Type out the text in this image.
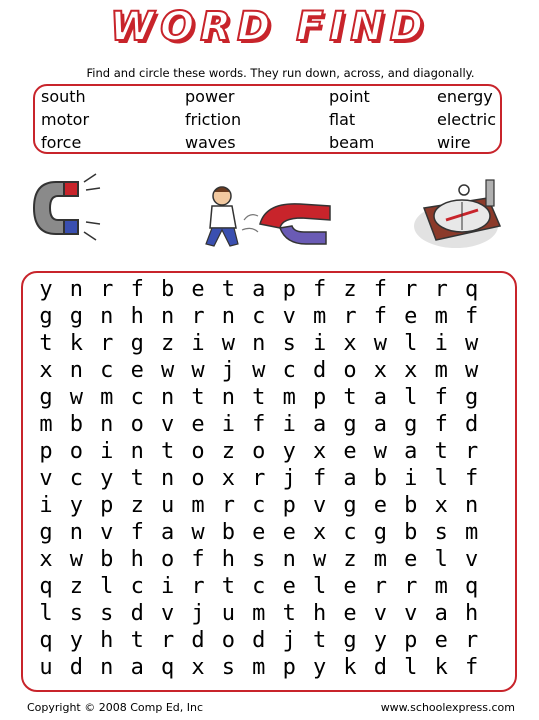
WORD FIND
Find and circle these words. They run down, across, and diagonally.
south	power	point	energy
motor	friction	flat	electric
force	waves	beam	wire
y n r f b e t a p f z f r r q
g g n h n r n c v m r f e m f
t k r g z i w n s i x w l i w
x n c e w w j w c d o x x m w
g w m c n t n t m p t a l f g
m b n o v e i f i a g a g f d
p o i n t o z o y x e w a t r
v c y t n o x r j f a b i l f
i y p z u m r c p v g e b x n
g n v f a w b e e x c g b s m
x w b h o f h s n w z m e l v
q z l c i r t c e l e r r m q
l s s d v j u m t h e v v a h
q y h t r d o d j t g y p e r
u d n a q x s m p y k d l k f
Copyright © 2008 Comp Ed, Inc	www.schoolexpress.com
